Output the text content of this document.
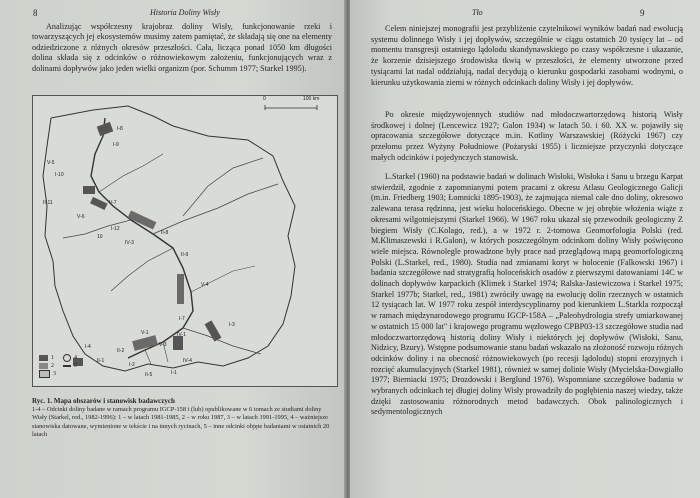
8	Historia Doliny Wisły

Analizując współczesny krajobraz doliny Wisły, funkcjonowanie rzeki i towarzyszących jej ekosystemów musimy zatem pamiętać, że składają się one na elementy odziedziczone z różnych okresów przeszłości. Cała, licząca ponad 1050 km długości dolina składa się z odcinków o różnowiekowym założeniu, funkcjonujących wraz z dolinami dopływów jako jeden wielki organizm (por. Schumm 1977; Starkel 1995).

0	100 km
I-8
I-9
V-5
I-10
II-11	V-7
V-6
I-12
10
IV-3
II-8
II-9
I-3
V-4
I-7
IV-1
V-1
V-3
II-2
IV-4
II-1
I-1
II-5
I-4
I-2
1	4
2	5
3
Ryc. 1. Mapa obszarów i stanowisk badawczych
1-4 – Odcinki doliny badane w ramach programu IGCP-158 i (lub) opublikowane w 6 tomach ze studiami doliny Wisły (Starkel, red., 1982-1996): 1 – w latach 1981-1985, 2 – w roku 1987, 3 – w latach 1991-1995, 4 – ważniejsze stanowiska datowane, wymienione w tekście i na innych rycinach, 5 – inne odcinki objęte badaniami w ostatnich 20 latach
Tło	9

Celem niniejszej monografii jest przybliżenie czytelnikowi wyników badań nad ewolucją systemu dolinnego Wisły i jej dopływów, szczególnie w ciągu ostatnich 20 tysięcy lat – od momentu transgresji ostatniego lądolodu skandynawskiego po czasy współczesne i ukazanie, że korzenie dzisiejszego środowiska tkwią w przeszłości, że elementy utworzone przed tysiącami lat nadal oddziałują, nadal decydują o kierunku gospodarki zasobami wodnymi, o kierunku użytkowania ziemi w różnych odcinkach doliny Wisły i jej dopływów.

Po okresie międzywojennych studiów nad młodoczwartorzędową historią Wisły środkowej i dolnej (Lencewicz 1927; Galon 1934) w latach 50. i 60. XX w. pojawiły się opracowania szczegółowe dotyczące m.in. Kotliny Warszawskiej (Różycki 1967) czy przełomu przez Wyżyny Południowe (Pożaryski 1955) i liczniejsze przyczynki dotyczące małych odcinków i pojedynczych stanowisk.

L.Starkel (1960) na podstawie badań w dolinach Wisłoki, Wisłoka i Sanu u brzegu Karpat stwierdził, zgodnie z zapomnianymi potem pracami z okresu Atlasu Geologicznego Galicji (m.in. Friedberg 1903; Łomnicki 1895-1903), że zajmująca niemal całe dno doliny, okresowo zalewana terasa rędzinna, jest wieku holoceńskiego. Obecne w jej obrębie włożenia wiąże z okresami wilgotniejszymi (Starkel 1966). W 1967 roku ukazał się przewodnik geologiczny Z biegiem Wisły (C.Kolago, red.), a w 1972 r. 2-tomowa Geomorfologia Polski (red. M.Klimaszewski i R.Galon), w których poszczególnym odcinkom doliny Wisły poświęcono wiele miejsca. Równolegle prowadzone były prace nad przeglądową mapą geomorfologiczną Polski (L.Starkel, red., 1980). Studia nad zmianami koryt w holocenie (Falkowski 1967) i badania szczegółowe nad stratygrafią holoceńskich osadów z pierwszymi datowaniami 14C w dolinach dopływów karpackich (Klimek i Starkel 1974; Ralska-Jasiewiczowa i Starkel 1975; Starkel 1977b; Starkel, red., 1981) zwróciły uwagę na ewolucję dolin rzecznych w ostatnich 12 tysiącach lat. W 1977 roku zespół interdyscyplinarny pod kierunkiem L.Starkla rozpoczął w ramach międzynarodowego programu IGCP-158A – „Paleohydrologia strefy umiarkowanej w ostatnich 15 000 lat" i krajowego programu węzłowego CPBP03-13 szczegółowe studia nad młodoczwartorzędową historią doliny Wisły i niektórych jej dopływów (Wisłoki, Sanu, Nidzicy, Bzury). Wstępne podsumowanie stanu badań wskazało na złożoność rozwoju różnych odcinków doliny i na obecność różnowiekowych (po recesji lądolodu) stopni erozyjnych i rozcięć akumulacyjnych (Starkel 1981), również w samej dolinie Wisły (Mycielska-Dowgiałło 1977; Bierniacki 1975; Drozdowski i Berglund 1976). Wspomniane szczegółowe badania w wybranych odcinkach tej długiej doliny Wisły prowadziły do pogłębienia naszej wiedzy, także dzięki zastosowaniu różnorodnych metod badawczych. Obok palinologicznych i sedymentologicznych
